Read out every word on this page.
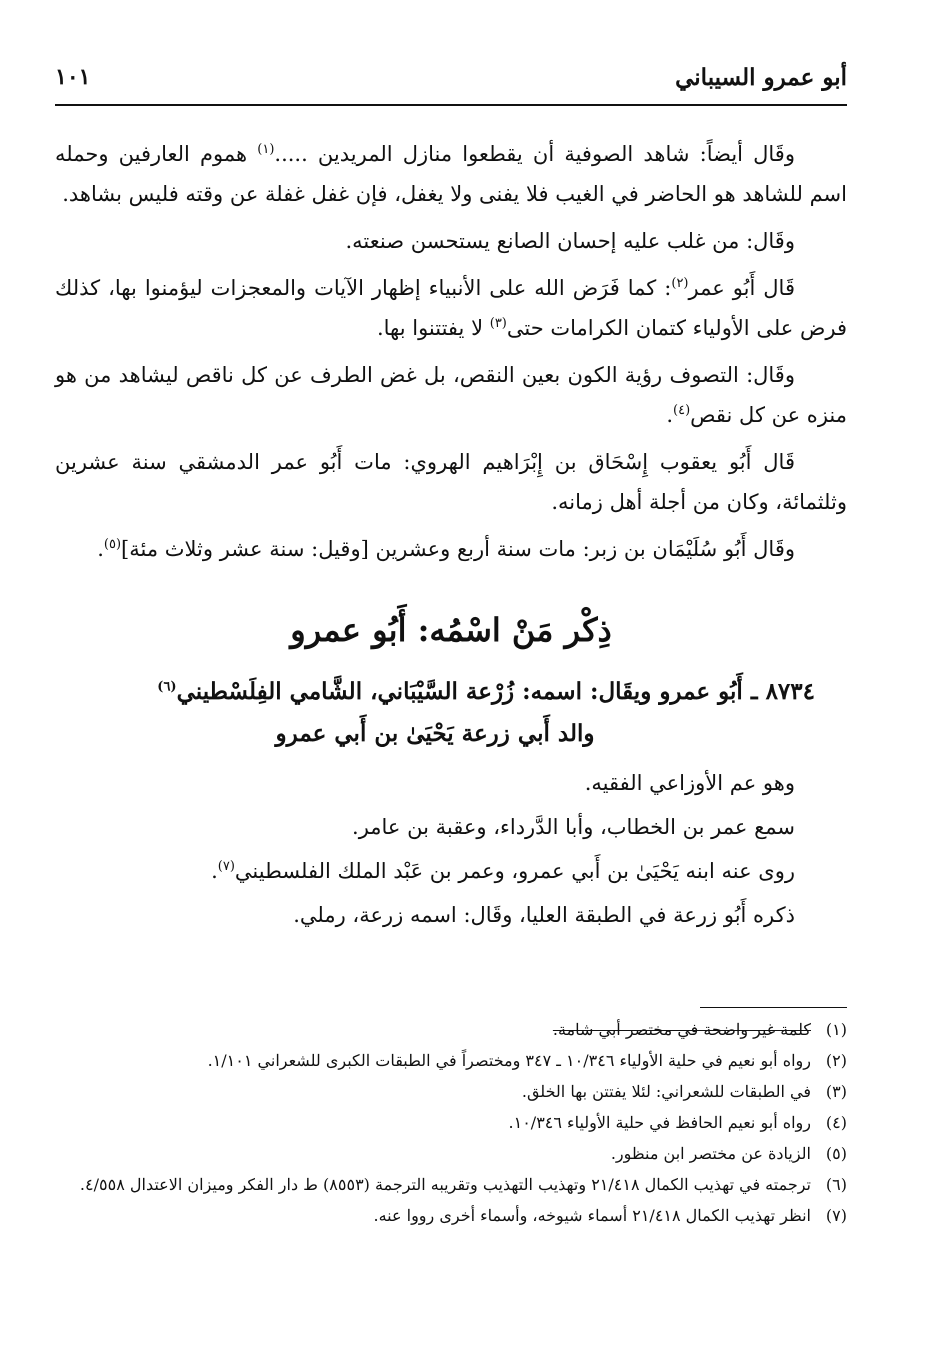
أبو عمرو السيباني
١٠١

وقَال أيضاً: شاهد الصوفية أن يقطعوا منازل المريدين .....$^{(١)}$ هموم العارفين وحمله اسم للشاهد هو الحاضر في الغيب فلا يفنى ولا يغفل، فإن غفل غفلة عن وقته فليس بشاهد.

وقَال: من غلب عليه إحسان الصانع يستحسن صنعته.

قَال أَبُو عمر$^{(٢)}$: كما فَرَض الله على الأنبياء إظهار الآيات والمعجزات ليؤمنوا بها، كذلك فرض على الأولياء كتمان الكرامات حتى$^{(٣)}$ لا يفتتنوا بها.

وقَال: التصوف رؤية الكون بعين النقص، بل غض الطرف عن كل ناقص ليشاهد من هو منزه عن كل نقص$^{(٤)}$.

قَال أَبُو يعقوب إِسْحَاق بن إِبْرَاهيم الهروي: مات أَبُو عمر الدمشقي سنة عشرين وثلثمائة، وكان من أجلة أهل زمانه.

وقَال أَبُو سُلَيْمَان بن زبر: مات سنة أربع وعشرين [وقيل: سنة عشر وثلاث مئة]$^{(٥)}$.

ذِكْر مَنْ اسْمُه: أَبُو عمرو
٨٧٣٤ ـ أَبُو عمرو ويقَال: اسمه: زُرْعة السَّيْبَاني، الشَّامي الفِلَسْطيني$^{(٦)}$
والد أَبي زرعة يَحْيَىٰ بن أَبي عمرو

وهو عم الأوزاعي الفقيه.

سمع عمر بن الخطاب، وأبا الدَّرداء، وعقبة بن عامر.

روى عنه ابنه يَحْيَىٰ بن أَبي عمرو، وعمر بن عَبْد الملك الفلسطيني$^{(٧)}$.

ذكره أَبُو زرعة في الطبقة العليا، وقَال: اسمه زرعة، رملي.

(١)
كلمة غير واضحة في مختصر أبي شامة.
(٢)
رواه أبو نعيم في حلية الأولياء ١٠/٣٤٦ ـ ٣٤٧ ومختصراً في الطبقات الكبرى للشعراني ١/١٠١.
(٣)
في الطبقات للشعراني: لئلا يفتتن بها الخلق.
(٤)
رواه أبو نعيم الحافظ في حلية الأولياء ١٠/٣٤٦.
(٥)
الزيادة عن مختصر ابن منظور.
(٦)
ترجمته في تهذيب الكمال ٢١/٤١٨ وتهذيب التهذيب وتقريبه الترجمة (٨٥٥٣) ط دار الفكر وميزان الاعتدال ٤/٥٥٨.
(٧)
انظر تهذيب الكمال ٢١/٤١٨ أسماء شيوخه، وأسماء أخرى رووا عنه.
